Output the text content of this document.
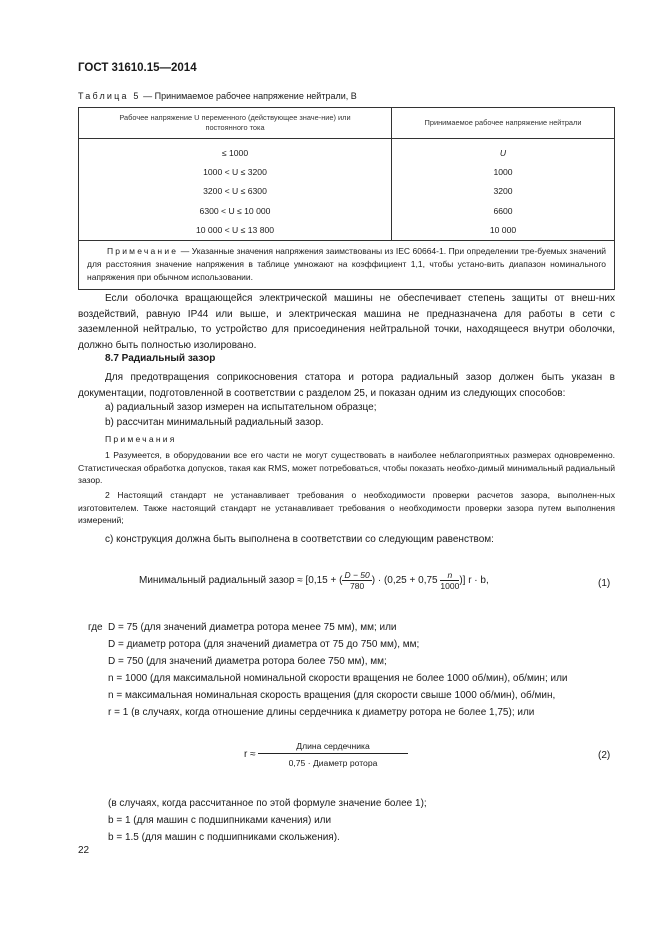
ГОСТ 31610.15—2014
Таблица 5 — Принимаемое рабочее напряжение нейтрали, В
Рабочее напряжение U переменного (действующее значе-ние) или постоянного тока	Принимаемое рабочее напряжение нейтрали
≤ 1000	U
1000 < U ≤ 3200	1000
3200 < U ≤ 6300	3200
6300 < U ≤ 10 000	6600
10 000 < U ≤ 13 800	10 000
Примечание — Указанные значения напряжения заимствованы из IEC 60664-1. При определении тре-буемых значений для расстояния значение напряжения в таблице умножают на коэффициент 1,1, чтобы устано-вить диапазон номинального напряжения при обычном использовании.	
Если оболочка вращающейся электрической машины не обеспечивает степень защиты от внеш-них воздействий, равную IP44 или выше, и электрическая машина не предназначена для работы в сети с заземленной нейтралью, то устройство для присоединения нейтральной точки, находящееся внутри оболочки, должно быть полностью изолировано.
8.7 Радиальный зазор
Для предотвращения соприкосновения статора и ротора радиальный зазор должен быть указан в документации, подготовленной в соответствии с разделом 25, и показан одним из следующих способов:
a) радиальный зазор измерен на испытательном образце;
b) рассчитан минимальный радиальный зазор.
Примечания
1 Разумеется, в оборудовании все его части не могут существовать в наиболее неблагоприятных размерах одновременно. Статистическая обработка допусков, такая как RMS, может потребоваться, чтобы показать необхо-димый минимальный радиальный зазор.
2 Настоящий стандарт не устанавливает требования о необходимости проверки расчетов зазора, выполнен-ных изготовителем. Также настоящий стандарт не устанавливает требования о необходимости проверки зазора путем выполнения измерений;
c) конструкция должна быть выполнена в соответствии со следующим равенством:
Минимальный радиальный зазор ≈ [0,15 + ( $\frac{D - 50}{780}$ ) · ($0,25 + 0,75 \frac{n}{1000}$ )] r · b,	(1)
где D = 75 (для значений диаметра ротора менее 75 мм), мм; или
D = диаметр ротора (для значений диаметра от 75 до 750 мм), мм;
D = 750 (для значений диаметра ротора более 750 мм), мм;
n = 1000 (для максимальной номинальной скорости вращения не более 1000 об/мин), об/мин; или
n = максимальная номинальная скорость вращения (для скорости свыше 1000 об/мин), об/мин,
r = 1 (в случаях, когда отношение длины сердечника к диаметру ротора не более 1,75); или
r ≈
Длина сердечника
0,75 · Диаметр ротора
(2)
(в случаях, когда рассчитанное по этой формуле значение более 1);
b = 1 (для машин с подшипниками качения) или
b = 1.5 (для машин с подшипниками скольжения).
22
